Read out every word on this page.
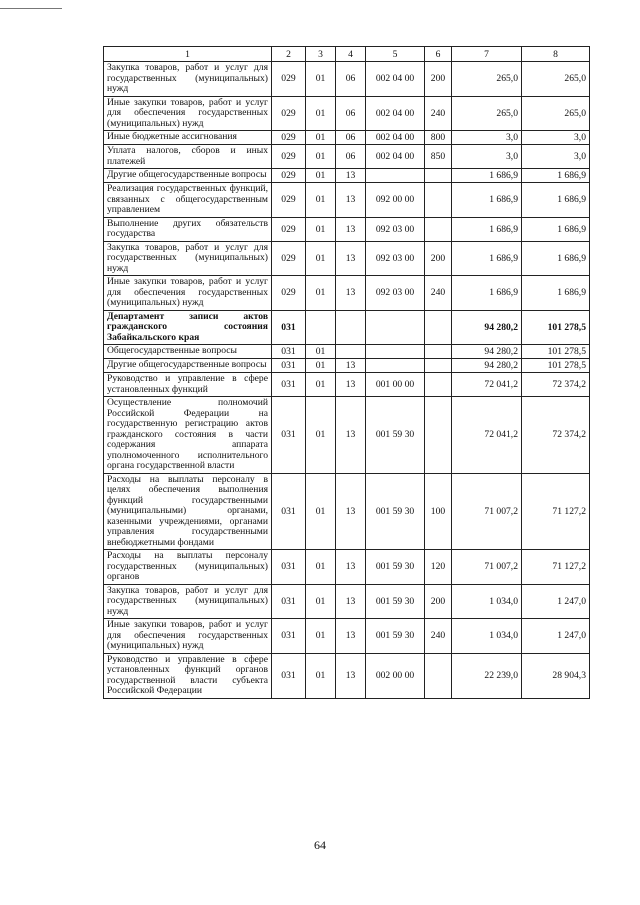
1	2	3	4	5	6	7	8
Закупка товаров, работ и услуг для государственных (муниципальных) нужд	029	01	06	002 04 00	200	265,0	265,0
Иные закупки товаров, работ и услуг для обеспечения государственных (муниципальных) нужд	029	01	06	002 04 00	240	265,0	265,0
Иные бюджетные ассигнования	029	01	06	002 04 00	800	3,0	3,0
Уплата налогов, сборов и иных платежей	029	01	06	002 04 00	850	3,0	3,0
Другие общегосударственные вопросы	029	01	13			1 686,9	1 686,9
Реализация государственных функций, связанных с общегосударственным управлением	029	01	13	092 00 00		1 686,9	1 686,9
Выполнение других обязательств государства	029	01	13	092 03 00		1 686,9	1 686,9
Закупка товаров, работ и услуг для государственных (муниципальных) нужд	029	01	13	092 03 00	200	1 686,9	1 686,9
Иные закупки товаров, работ и услуг для обеспечения государственных (муниципальных) нужд	029	01	13	092 03 00	240	1 686,9	1 686,9
Департамент записи актов гражданского состояния Забайкальского края	031					94 280,2	101 278,5
Общегосударственные вопросы	031	01				94 280,2	101 278,5
Другие общегосударственные вопросы	031	01	13			94 280,2	101 278,5
Руководство и управление в сфере установленных функций	031	01	13	001 00 00		72 041,2	72 374,2
Осуществление полномочий Российской Федерации на государственную регистрацию актов гражданского состояния в части содержания аппарата уполномоченного исполнительного органа государственной власти	031	01	13	001 59 30		72 041,2	72 374,2
Расходы на выплаты персоналу в целях обеспечения выполнения функций государственными (муниципальными) органами, казенными учреждениями, органами управления государственными внебюджетными фондами	031	01	13	001 59 30	100	71 007,2	71 127,2
Расходы на выплаты персоналу государственных (муниципальных) органов	031	01	13	001 59 30	120	71 007,2	71 127,2
Закупка товаров, работ и услуг для государственных (муниципальных) нужд	031	01	13	001 59 30	200	1 034,0	1 247,0
Иные закупки товаров, работ и услуг для обеспечения государственных (муниципальных) нужд	031	01	13	001 59 30	240	1 034,0	1 247,0
Руководство и управление в сфере установленных функций органов государственной власти субъекта Российской Федерации	031	01	13	002 00 00		22 239,0	28 904,3
64
